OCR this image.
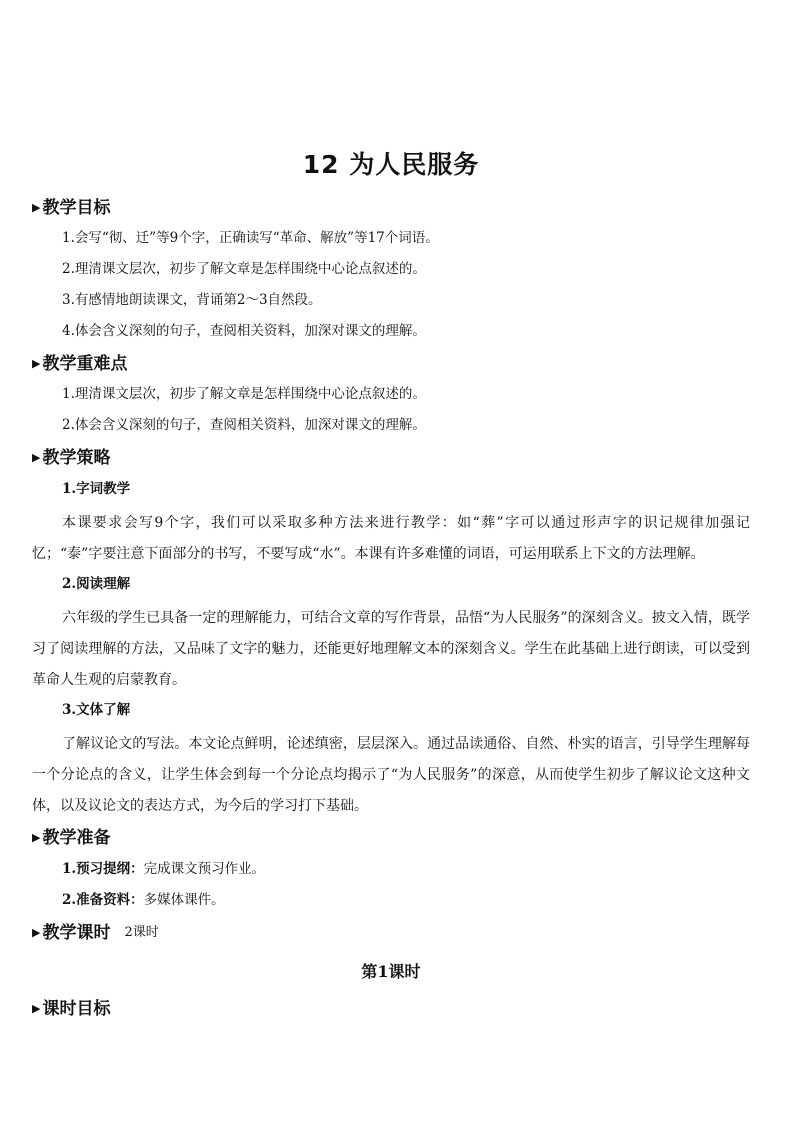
12 为人民服务
▶ 教学目标

1.会写“彻、迁”等9个字，正确读写“革命、解放”等17个词语。

2.理清课文层次，初步了解文章是怎样围绕中心论点叙述的。

3.有感情地朗读课文，背诵第2～3自然段。

4.体会含义深刻的句子，查阅相关资料，加深对课文的理解。

▶ 教学重难点

1.理清课文层次，初步了解文章是怎样围绕中心论点叙述的。

2.体会含义深刻的句子，查阅相关资料，加深对课文的理解。

▶ 教学策略

1.字词教学

本课要求会写9个字，我们可以采取多种方法来进行教学：如“葬”字可以通过形声字的识记规律加强记忆；“泰”字要注意下面部分的书写，不要写成“水”。本课有许多难懂的词语，可运用联系上下文的方法理解。

2.阅读理解

六年级的学生已具备一定的理解能力，可结合文章的写作背景，品悟“为人民服务”的深刻含义。披文入情，既学习了阅读理解的方法，又品味了文字的魅力，还能更好地理解文本的深刻含义。学生在此基础上进行朗读，可以受到革命人生观的启蒙教育。

3.文体了解

了解议论文的写法。本文论点鲜明，论述缜密，层层深入。通过品读通俗、自然、朴实的语言，引导学生理解每一个分论点的含义，让学生体会到每一个分论点均揭示了“为人民服务”的深意，从而使学生初步了解议论文这种文体，以及议论文的表达方式，为今后的学习打下基础。

▶ 教学准备

1.预习提纲：完成课文预习作业。

2.准备资料：多媒体课件。

▶ 教学课时 2课时

第1课时

▶ 课时目标
